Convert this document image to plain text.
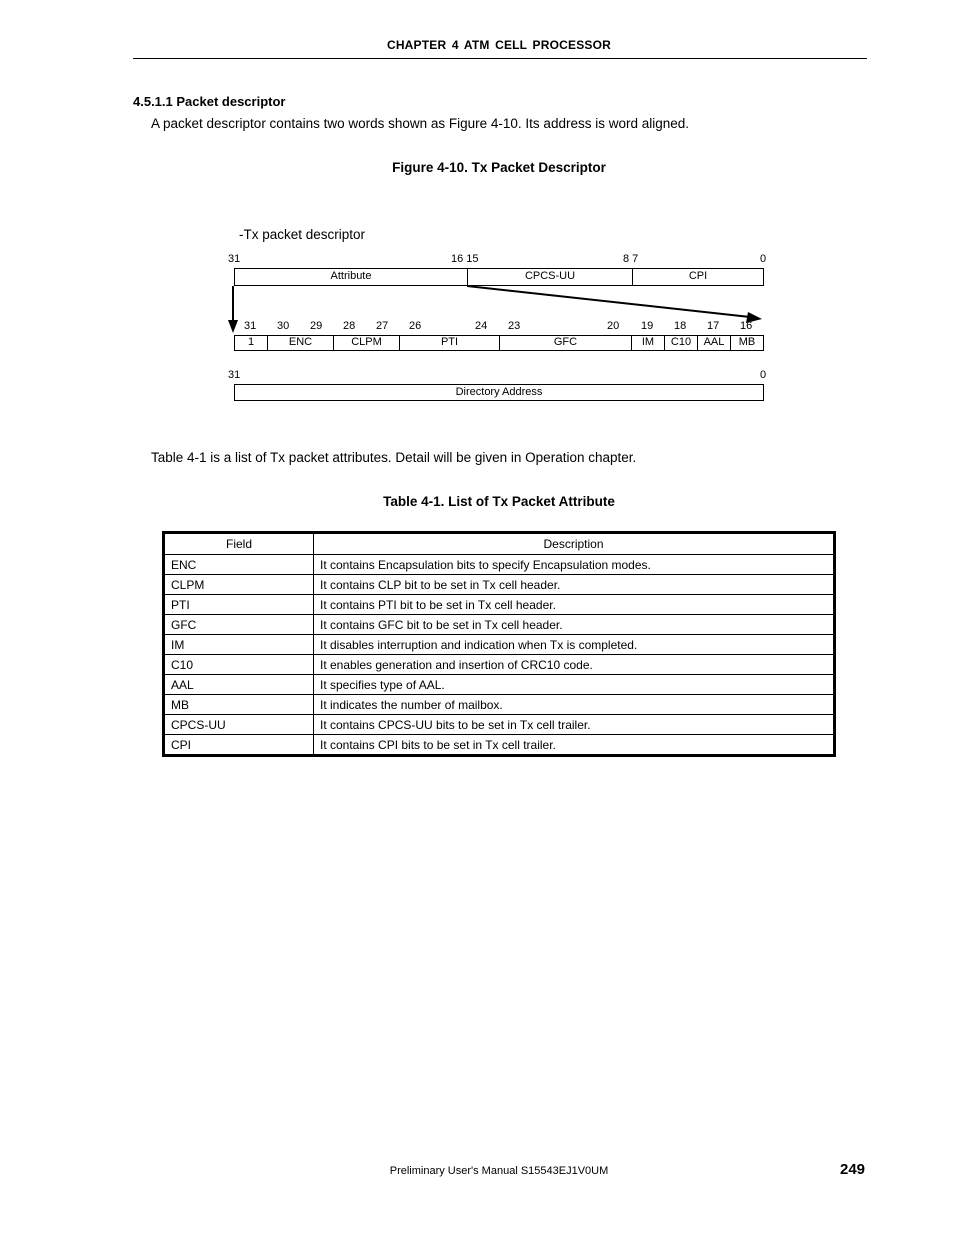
CHAPTER 4 ATM CELL PROCESSOR
4.5.1.1 Packet descriptor
A packet descriptor contains two words shown as Figure 4-10. Its address is word aligned.
Figure 4-10. Tx Packet Descriptor
-Tx packet descriptor
31	16 15	8 7	0
Attribute	CPCS-UU	CPI
31 30 29 28 27 26	24 23	20 19 18 17 16
1	ENC	CLPM	PTI	GFC	IM	C10	AAL	MB
31	0
Directory Address
Table 4-1 is a list of Tx packet attributes. Detail will be given in Operation chapter.
Table 4-1. List of Tx Packet Attribute
Field	Description
ENC	It contains Encapsulation bits to specify Encapsulation modes.
CLPM	It contains CLP bit to be set in Tx cell header.
PTI	It contains PTI bit to be set in Tx cell header.
GFC	It contains GFC bit to be set in Tx cell header.
IM	It disables interruption and indication when Tx is completed.
C10	It enables generation and insertion of CRC10 code.
AAL	It specifies type of AAL.
MB	It indicates the number of mailbox.
CPCS-UU	It contains CPCS-UU bits to be set in Tx cell trailer.
CPI	It contains CPI bits to be set in Tx cell trailer.
Preliminary User's Manual S15543EJ1V0UM	249
